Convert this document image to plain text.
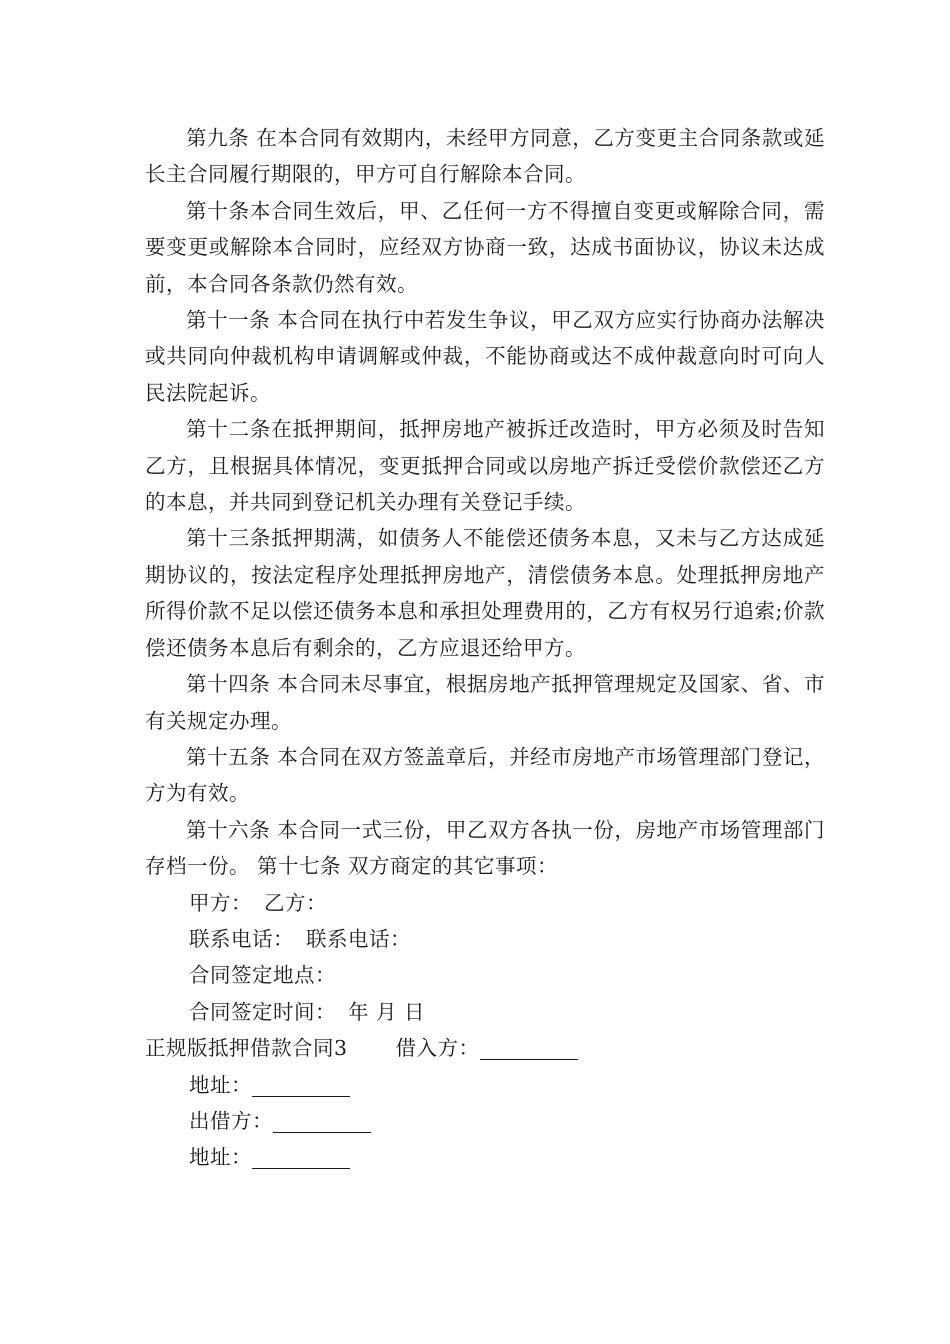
第九条 在本合同有效期内，未经甲方同意，乙方变更主合同条款或延长主合同履行期限的，甲方可自行解除本合同。

第十条本合同生效后，甲、乙任何一方不得擅自变更或解除合同，需要变更或解除本合同时，应经双方协商一致，达成书面协议，协议未达成前，本合同各条款仍然有效。

第十一条 本合同在执行中若发生争议，甲乙双方应实行协商办法解决或共同向仲裁机构申请调解或仲裁，不能协商或达不成仲裁意向时可向人民法院起诉。

第十二条在抵押期间，抵押房地产被拆迁改造时，甲方必须及时告知乙方，且根据具体情况，变更抵押合同或以房地产拆迁受偿价款偿还乙方的本息，并共同到登记机关办理有关登记手续。

第十三条抵押期满，如债务人不能偿还债务本息，又未与乙方达成延期协议的，按法定程序处理抵押房地产，清偿债务本息。处理抵押房地产所得价款不足以偿还债务本息和承担处理费用的，乙方有权另行追索;价款偿还债务本息后有剩余的，乙方应退还给甲方。

第十四条 本合同未尽事宜，根据房地产抵押管理规定及国家、省、市有关规定办理。

第十五条 本合同在双方签盖章后，并经市房地产市场管理部门登记，方为有效。

第十六条 本合同一式三份，甲乙双方各执一份，房地产市场管理部门存档一份。 第十七条 双方商定的其它事项：

甲方： 乙方：

联系电话： 联系电话：

合同签定地点：

合同签定时间： 年 月 日

正规版抵押借款合同3 借入方：

地址：

出借方：

地址：
